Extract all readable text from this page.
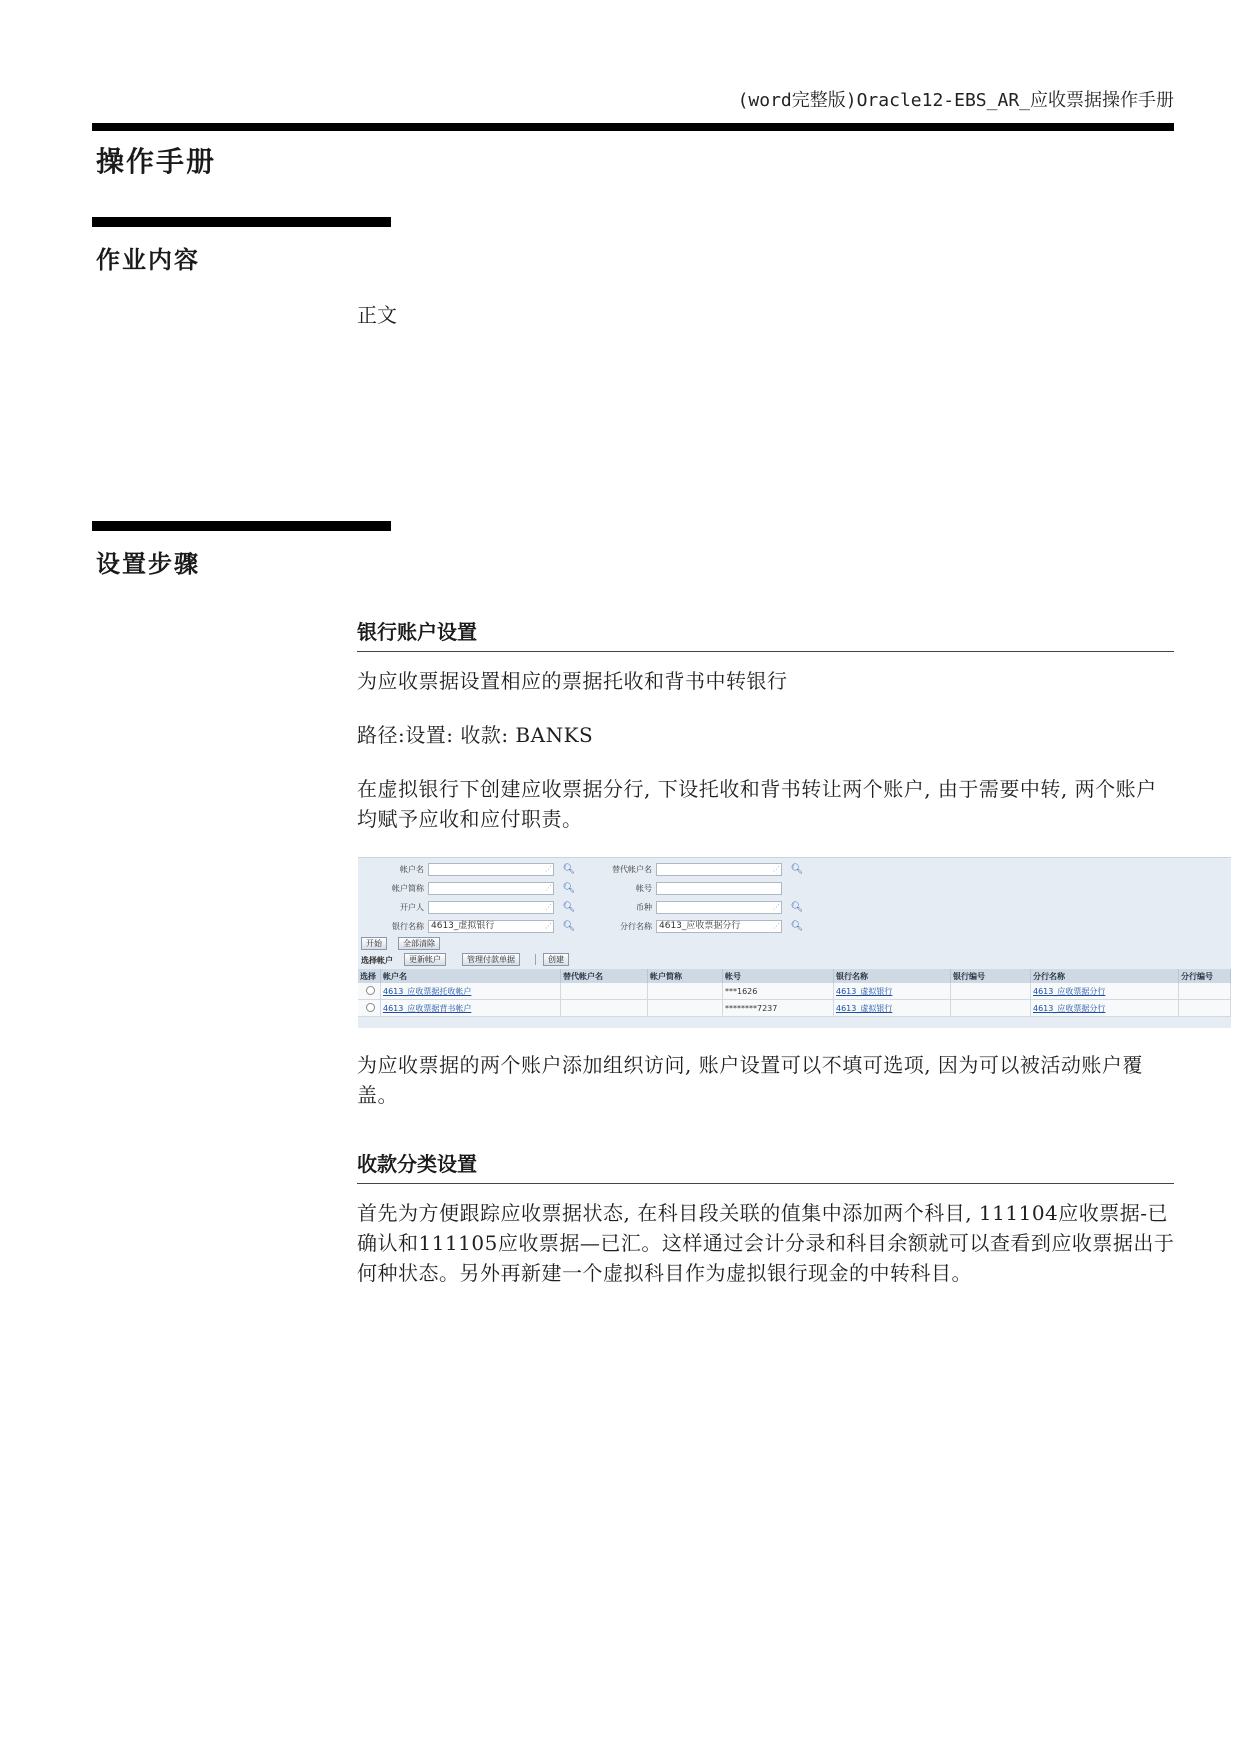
(word完整版)Oracle12-EBS_AR_应收票据操作手册
操作手册
作业内容
正文
设置步骤
银行账户设置
为应收票据设置相应的票据托收和背书中转银行
路径:设置: 收款: BANKS
在虚拟银行下创建应收票据分行, 下设托收和背书转让两个账户, 由于需要中转, 两个账户均赋予应收和应付职责。
帐户名	⋰ 🔍︎	替代帐户名	⋰ 🔍︎
帐户简称	⋰ 🔍︎	帐号
开户人	⋰ 🔍︎	币种	⋰ 🔍︎
银行名称 4613_虚拟银行	⋰ 🔍︎	分行名称 4613_应收票据分行	⋰ 🔍︎
开始	全部清除
选择帐户	更新帐户	管理付款单据	创建
选择	帐户名	替代帐户名	帐户简称	帐号	银行名称	银行编号	分行名称	分行编号
	4613_应收票据托收帐户			***1626	4613_虚拟银行		4613_应收票据分行	
	4613_应收票据背书帐户			********7237	4613_虚拟银行		4613_应收票据分行	
为应收票据的两个账户添加组织访问, 账户设置可以不填可选项, 因为可以被活动账户覆盖。
收款分类设置
首先为方便跟踪应收票据状态, 在科目段关联的值集中添加两个科目, 111104应收票据-已确认和111105应收票据—已汇。这样通过会计分录和科目余额就可以查看到应收票据出于何种状态。另外再新建一个虚拟科目作为虚拟银行现金的中转科目。
